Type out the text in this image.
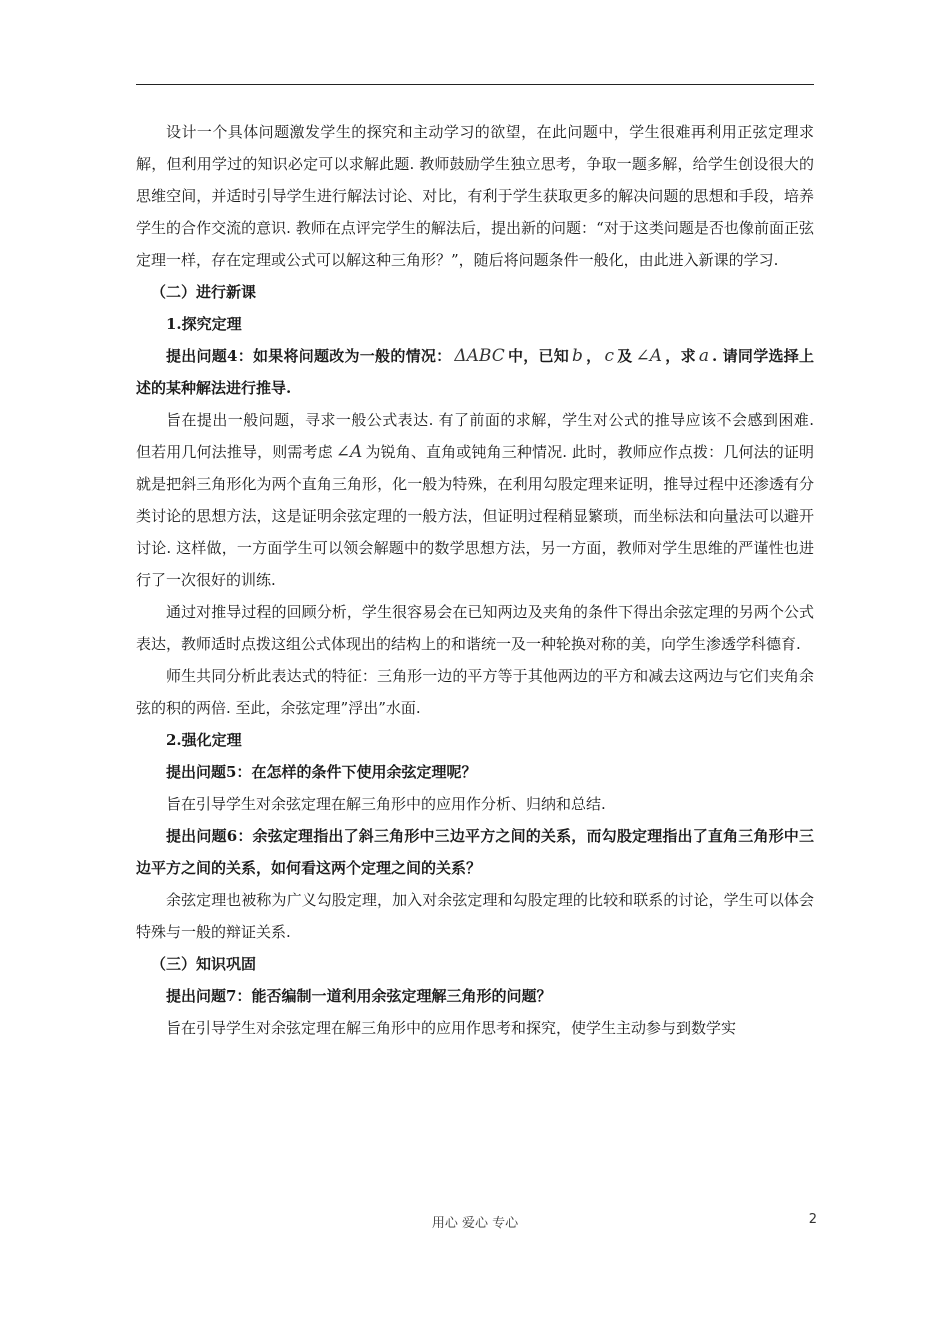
设计一个具体问题激发学生的探究和主动学习的欲望，在此问题中，学生很难再利用正弦定理求解，但利用学过的知识必定可以求解此题. 教师鼓励学生独立思考，争取一题多解，给学生创设很大的思维空间，并适时引导学生进行解法讨论、对比，有利于学生获取更多的解决问题的思想和手段，培养学生的合作交流的意识. 教师在点评完学生的解法后，提出新的问题：“对于这类问题是否也像前面正弦定理一样，存在定理或公式可以解这种三角形？”，随后将问题条件一般化，由此进入新课的学习.

（二）进行新课

1.探究定理

提出问题4：如果将问题改为一般的情况： ΔABC 中，已知 b ， c 及 ∠A ，求 a . 请同学选择上述的某种解法进行推导.

旨在提出一般问题，寻求一般公式表达. 有了前面的求解，学生对公式的推导应该不会感到困难. 但若用几何法推导，则需考虑 ∠A 为锐角、直角或钝角三种情况. 此时，教师应作点拨：几何法的证明就是把斜三角形化为两个直角三角形，化一般为特殊，在利用勾股定理来证明，推导过程中还渗透有分类讨论的思想方法，这是证明余弦定理的一般方法，但证明过程稍显繁琐，而坐标法和向量法可以避开讨论. 这样做，一方面学生可以领会解题中的数学思想方法，另一方面，教师对学生思维的严谨性也进行了一次很好的训练.

通过对推导过程的回顾分析，学生很容易会在已知两边及夹角的条件下得出余弦定理的另两个公式表达，教师适时点拨这组公式体现出的结构上的和谐统一及一种轮换对称的美，向学生渗透学科德育.

师生共同分析此表达式的特征：三角形一边的平方等于其他两边的平方和减去这两边与它们夹角余弦的积的两倍. 至此，余弦定理”浮出”水面.

2.强化定理

提出问题5：在怎样的条件下使用余弦定理呢？

旨在引导学生对余弦定理在解三角形中的应用作分析、归纳和总结.

提出问题6：余弦定理指出了斜三角形中三边平方之间的关系，而勾股定理指出了直角三角形中三边平方之间的关系，如何看这两个定理之间的关系？

余弦定理也被称为广义勾股定理，加入对余弦定理和勾股定理的比较和联系的讨论，学生可以体会特殊与一般的辩证关系.

（三）知识巩固

提出问题7：能否编制一道利用余弦定理解三角形的问题？

旨在引导学生对余弦定理在解三角形中的应用作思考和探究，使学生主动参与到数学实

用心 爱心 专心	2
